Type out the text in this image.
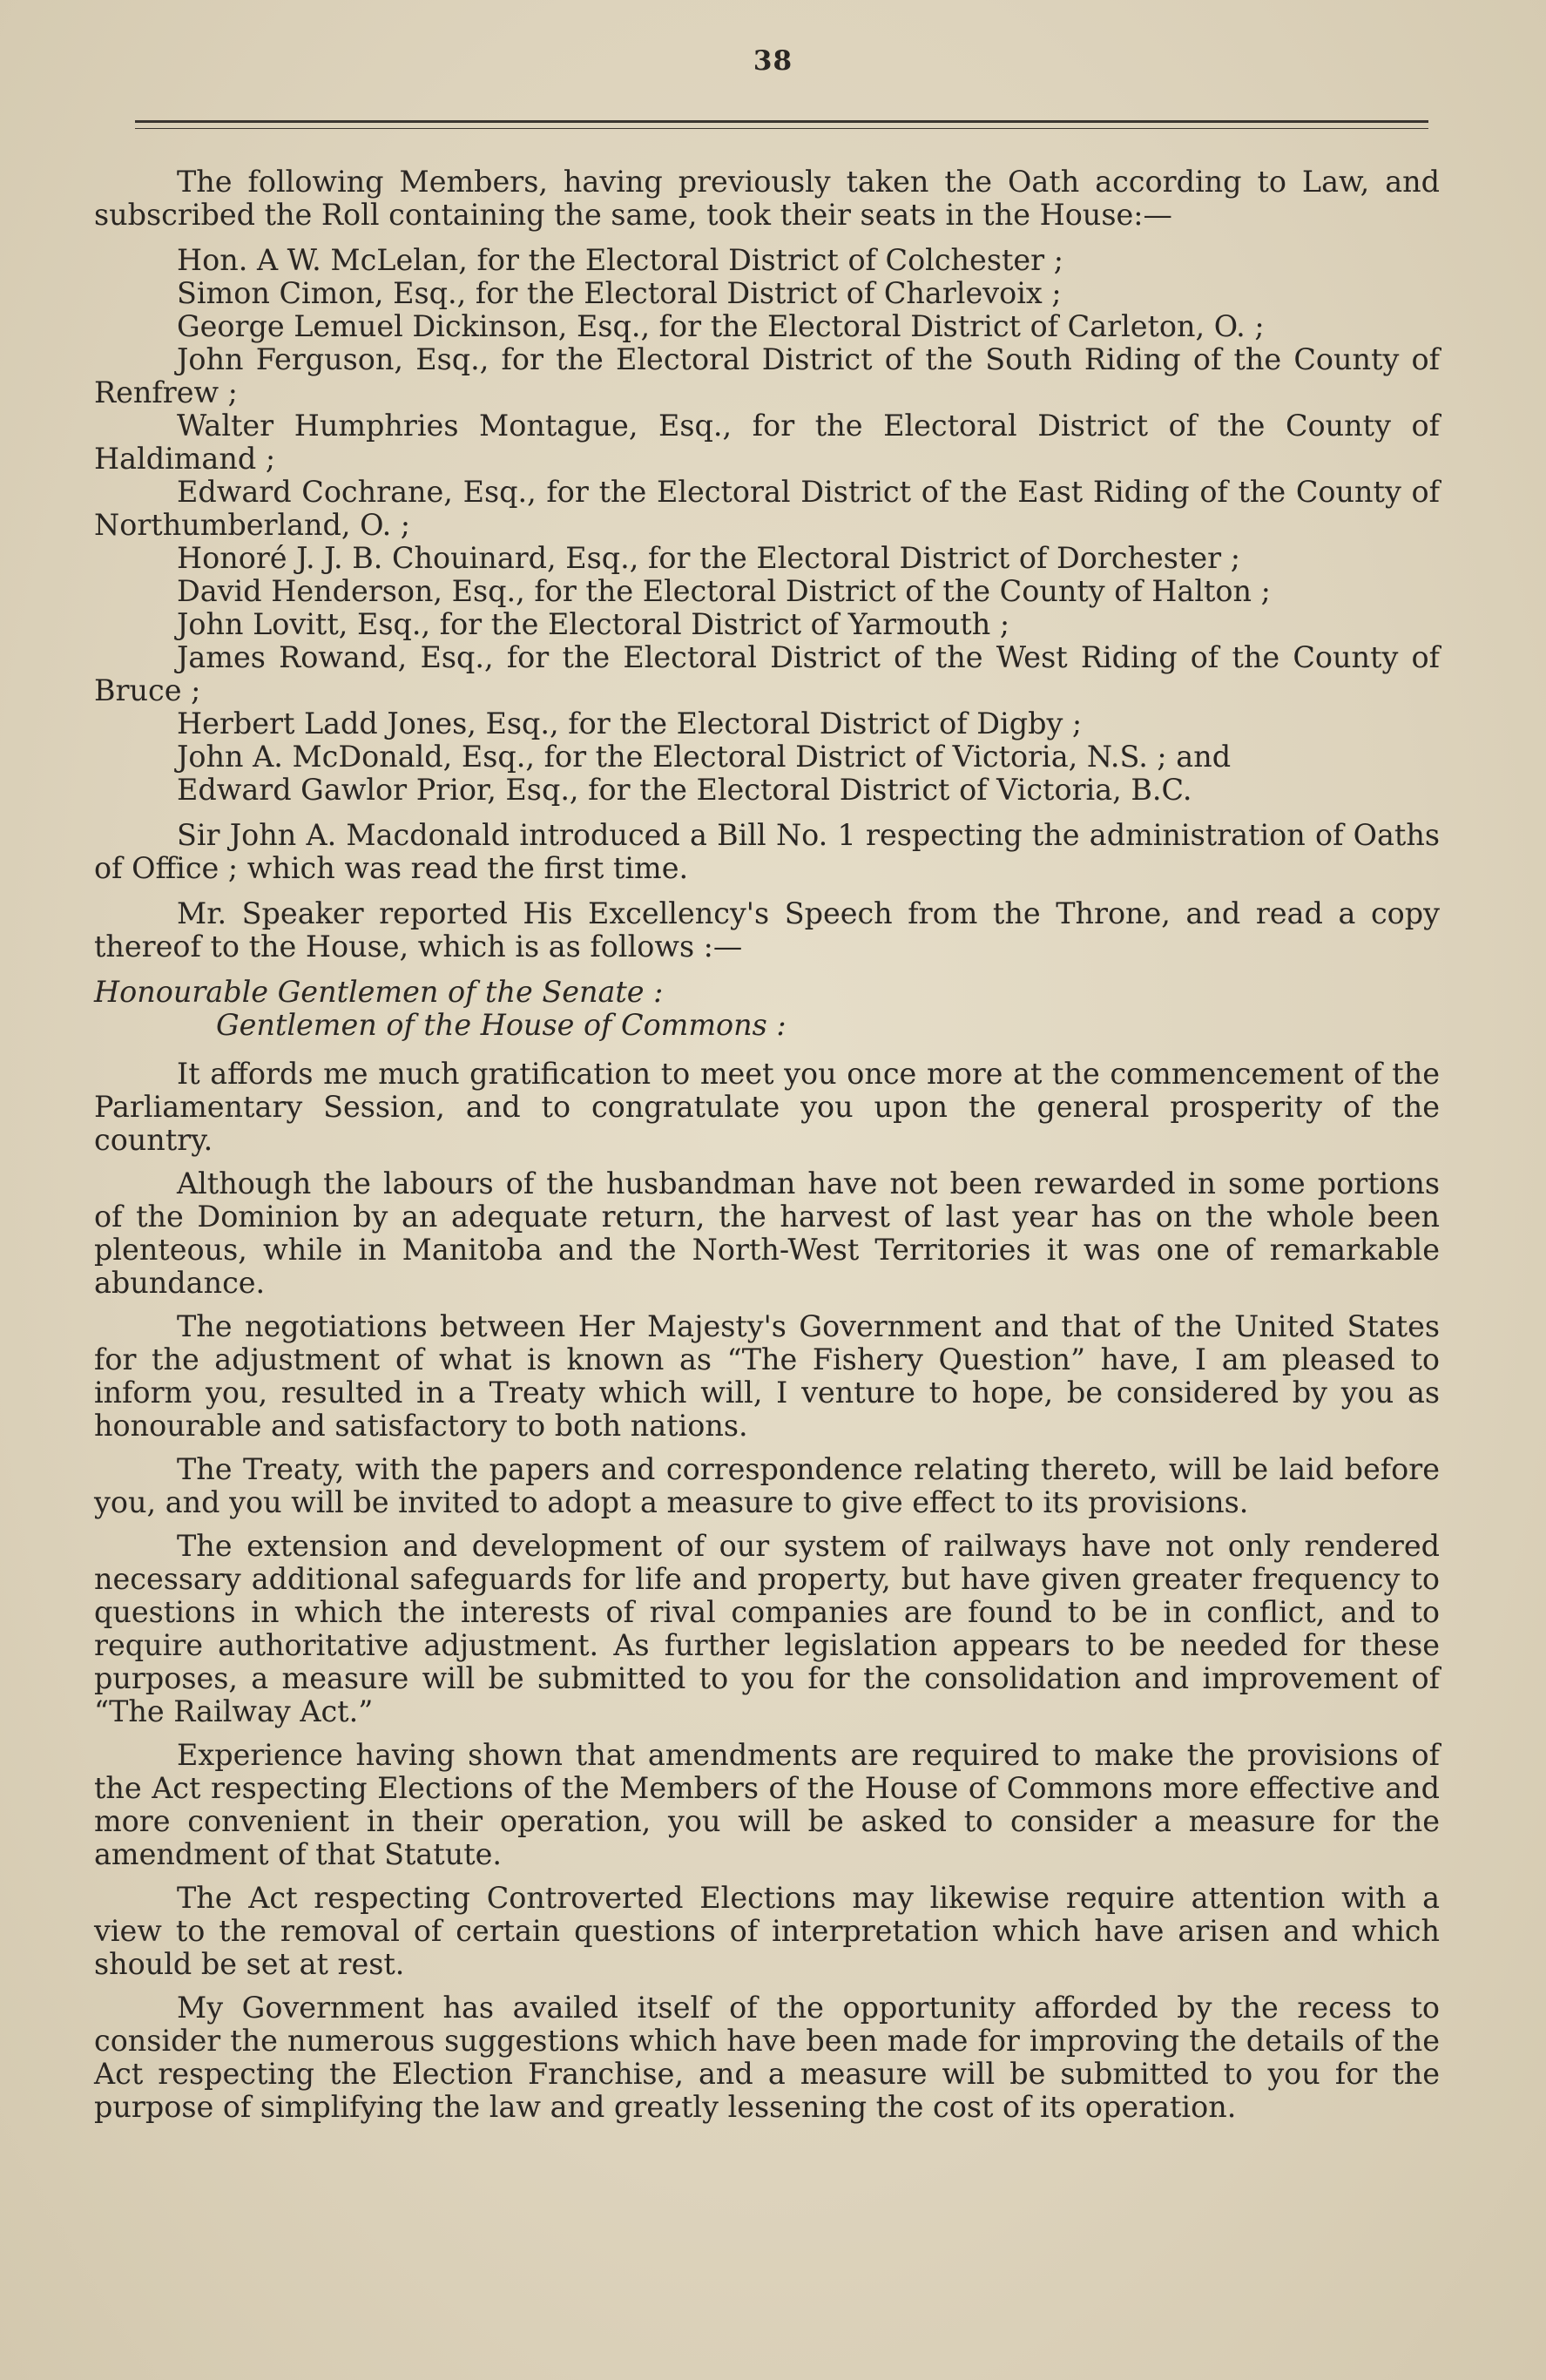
38

The following Members, having previously taken the Oath according to Law, and subscribed the Roll containing the same, took their seats in the House:—

Hon. A W. McLelan, for the Electoral District of Colchester ;

Simon Cimon, Esq., for the Electoral District of Charlevoix ;

George Lemuel Dickinson, Esq., for the Electoral District of Carleton, O. ;

John Ferguson, Esq., for the Electoral District of the South Riding of the County of Renfrew ;

Walter Humphries Montague, Esq., for the Electoral District of the County of Haldimand ;

Edward Cochrane, Esq., for the Electoral District of the East Riding of the County of Northumberland, O. ;

Honoré J. J. B. Chouinard, Esq., for the Electoral District of Dorchester ;

David Henderson, Esq., for the Electoral District of the County of Halton ;

John Lovitt, Esq., for the Electoral District of Yarmouth ;

James Rowand, Esq., for the Electoral District of the West Riding of the County of Bruce ;

Herbert Ladd Jones, Esq., for the Electoral District of Digby ;

John A. McDonald, Esq., for the Electoral District of Victoria, N.S. ; and

Edward Gawlor Prior, Esq., for the Electoral District of Victoria, B.C.

Sir John A. Macdonald introduced a Bill No. 1 respecting the administration of Oaths of Office ; which was read the first time.

Mr. Speaker reported His Excellency's Speech from the Throne, and read a copy thereof to the House, which is as follows :—

Honourable Gentlemen of the Senate :

Gentlemen of the House of Commons :

It affords me much gratification to meet you once more at the commencement of the Parliamentary Session, and to congratulate you upon the general prosperity of the country.

Although the labours of the husbandman have not been rewarded in some portions of the Dominion by an adequate return, the harvest of last year has on the whole been plenteous, while in Manitoba and the North-West Territories it was one of remarkable abundance.

The negotiations between Her Majesty's Government and that of the United States for the adjustment of what is known as “The Fishery Question” have, I am pleased to inform you, resulted in a Treaty which will, I venture to hope, be considered by you as honourable and satisfactory to both nations.

The Treaty, with the papers and correspondence relating thereto, will be laid before you, and you will be invited to adopt a measure to give effect to its provisions.

The extension and development of our system of railways have not only rendered necessary additional safeguards for life and property, but have given greater frequency to questions in which the interests of rival companies are found to be in conflict, and to require authoritative adjustment. As further legislation appears to be needed for these purposes, a measure will be submitted to you for the consolidation and improvement of “The Railway Act.”

Experience having shown that amendments are required to make the provisions of the Act respecting Elections of the Members of the House of Commons more effective and more convenient in their operation, you will be asked to consider a measure for the amendment of that Statute.

The Act respecting Controverted Elections may likewise require attention with a view to the removal of certain questions of interpretation which have arisen and which should be set at rest.

My Government has availed itself of the opportunity afforded by the recess to consider the numerous suggestions which have been made for improving the details of the Act respecting the Election Franchise, and a measure will be submitted to you for the purpose of simplifying the law and greatly lessening the cost of its operation.
